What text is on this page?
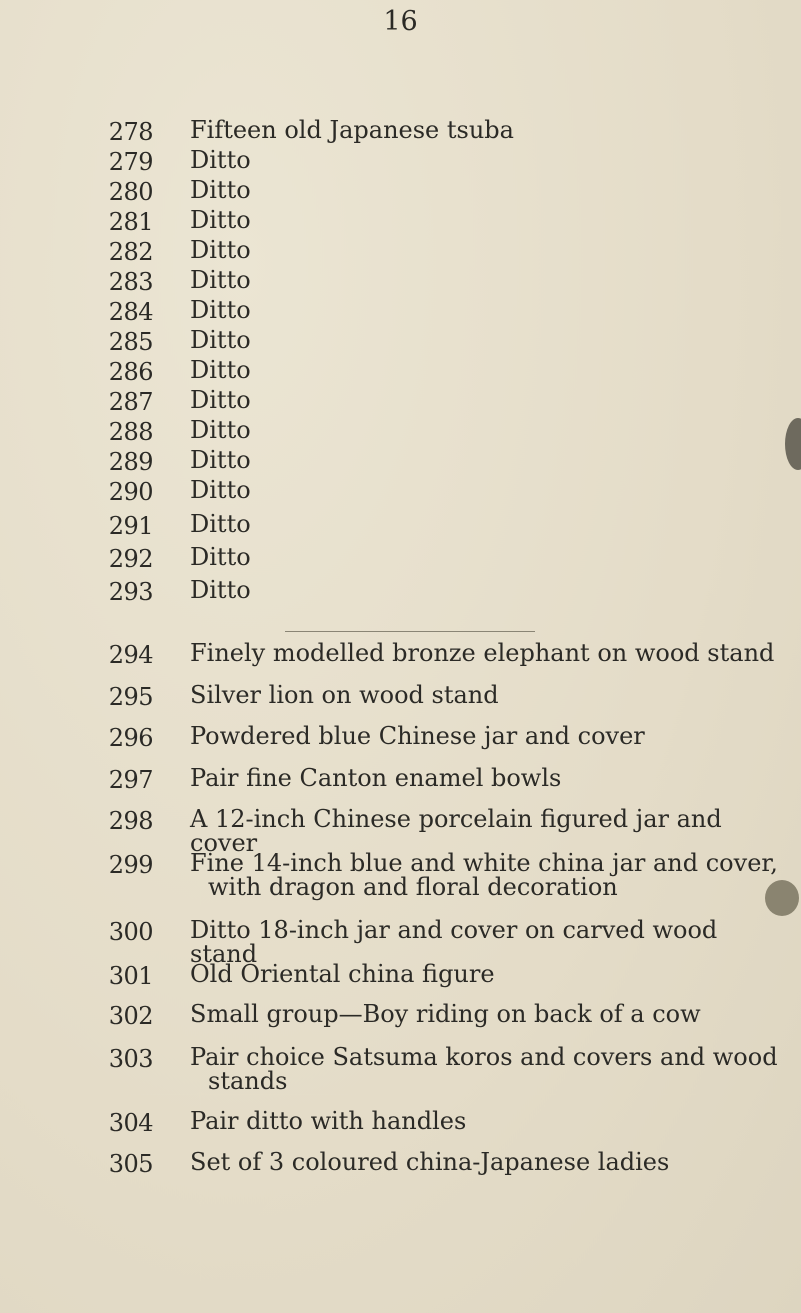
16
278 Fifteen old Japanese tsuba
279 Ditto
280 Ditto
281 Ditto
282 Ditto
283 Ditto
284 Ditto
285 Ditto
286 Ditto
287 Ditto
288 Ditto
289 Ditto
290 Ditto
291 Ditto
292 Ditto
293 Ditto
294 Finely modelled bronze elephant on wood stand
295 Silver lion on wood stand
296 Powdered blue Chinese jar and cover
297 Pair fine Canton enamel bowls
298 A 12-inch Chinese porcelain figured jar and cover
299 Fine 14-inch blue and white china jar and cover,
with dragon and floral decoration
300 Ditto 18-inch jar and cover on carved wood stand
301 Old Oriental china figure
302 Small group—Boy riding on back of a cow
303 Pair choice Satsuma koros and covers and wood
stands
304 Pair ditto with handles
305 Set of 3 coloured china-Japanese ladies
